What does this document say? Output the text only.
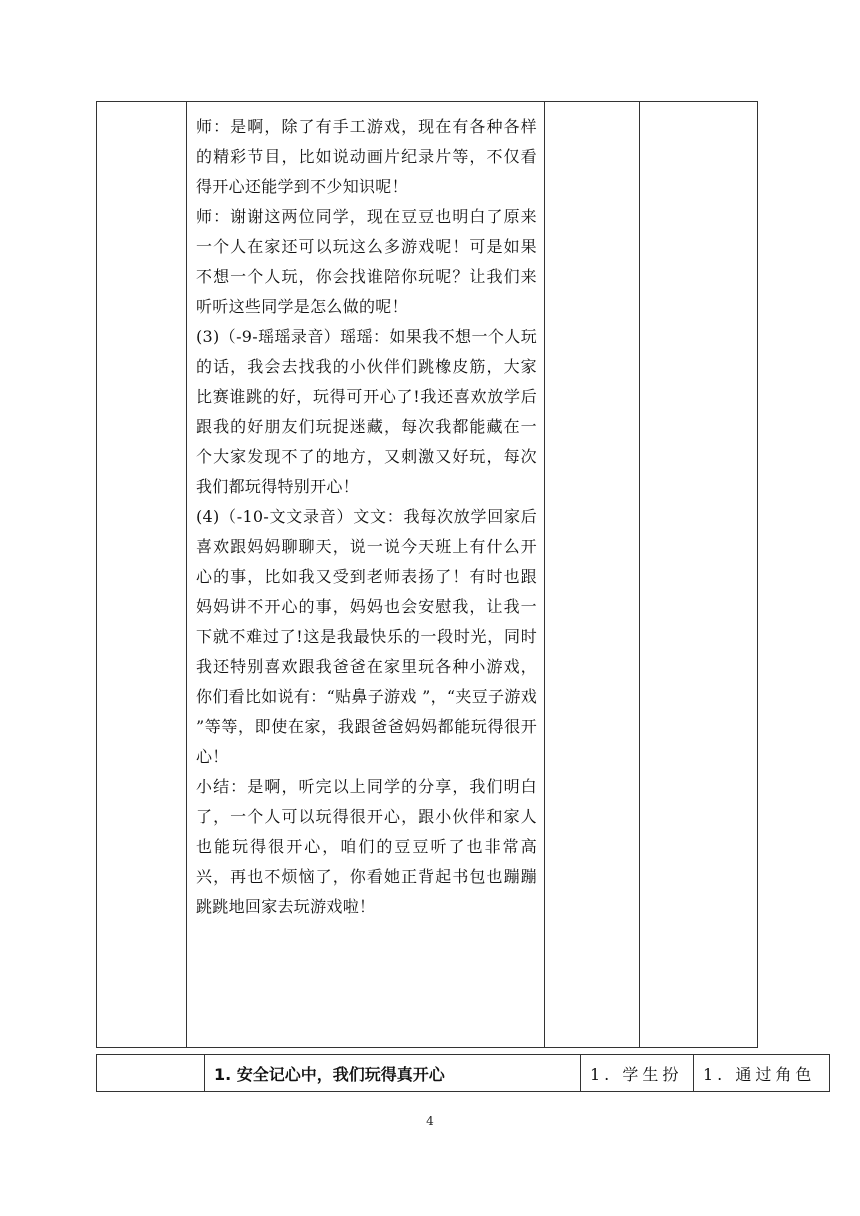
师：是啊，除了有手工游戏，现在有各种各样的精彩节目，比如说动画片纪录片等，不仅看得开心还能学到不少知识呢！

师：谢谢这两位同学，现在豆豆也明白了原来一个人在家还可以玩这么多游戏呢！可是如果不想一个人玩，你会找谁陪你玩呢？让我们来听听这些同学是怎么做的呢！

(3)（-9-瑶瑶录音）瑶瑶：如果我不想一个人玩的话，我会去找我的小伙伴们跳橡皮筋，大家比赛谁跳的好，玩得可开心了!我还喜欢放学后跟我的好朋友们玩捉迷藏，每次我都能藏在一个大家发现不了的地方，又刺激又好玩，每次我们都玩得特别开心！

(4)（-10-文文录音）文文：我每次放学回家后喜欢跟妈妈聊聊天，说一说今天班上有什么开心的事，比如我又受到老师表扬了！有时也跟妈妈讲不开心的事，妈妈也会安慰我，让我一下就不难过了!这是我最快乐的一段时光，同时我还特别喜欢跟我爸爸在家里玩各种小游戏，你们看比如说有：“贴鼻子游戏 ”，“夹豆子游戏 ”等等，即使在家，我跟爸爸妈妈都能玩得很开心！

小结：是啊，听完以上同学的分享，我们明白了，一个人可以玩得很开心，跟小伙伴和家人也能玩得很开心，咱们的豆豆听了也非常高兴，再也不烦恼了，你看她正背起书包也蹦蹦跳跳地回家去玩游戏啦！

	1. 安全记心中，我们玩得真开心	1. 学生扮	1. 通过角色
4
